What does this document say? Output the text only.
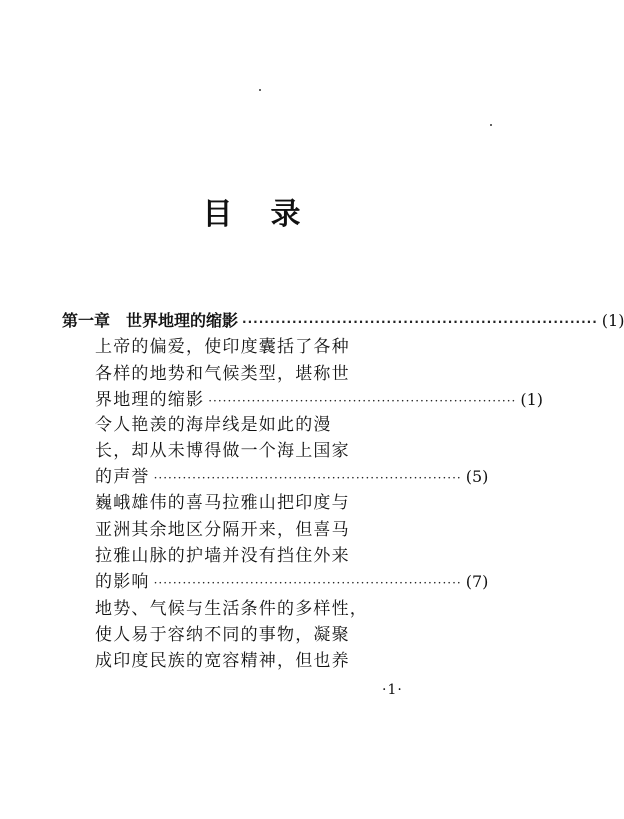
目 录
第一章 世界地理的缩影 ································································ (1)
上帝的偏爱，使印度囊括了各种
各样的地势和气候类型，堪称世
界地理的缩影 ································································ (1)
令人艳羡的海岸线是如此的漫
长，却从未博得做一个海上国家
的声誉 ································································ (5)
巍峨雄伟的喜马拉雅山把印度与
亚洲其余地区分隔开来，但喜马
拉雅山脉的护墙并没有挡住外来
的影响 ································································ (7)
地势、气候与生活条件的多样性，
使人易于容纳不同的事物，凝聚
成印度民族的宽容精神，但也养
·1·
